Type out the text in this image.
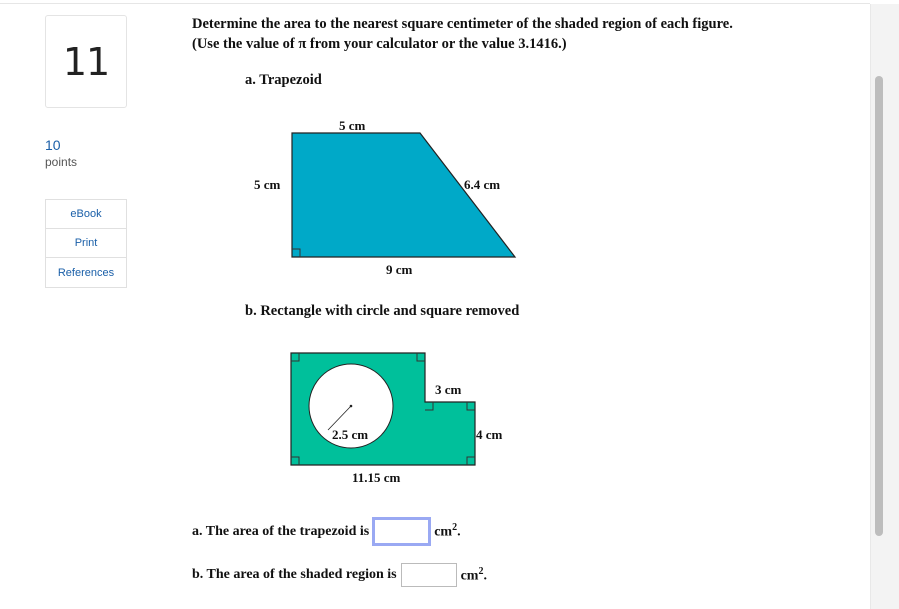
11
10
points
eBook
Print
References
Determine the area to the nearest square centimeter of the shaded region of each figure.
(Use the value of π from your calculator or the value 3.1416.)
a. Trapezoid
5 cm
5 cm	6.4 cm
9 cm
b. Rectangle with circle and square removed
3 cm
2.5 cm	4 cm
11.15 cm
a. The area of the trapezoid is	$cm^2$.
b. The area of the shaded region is	$cm^2$.
